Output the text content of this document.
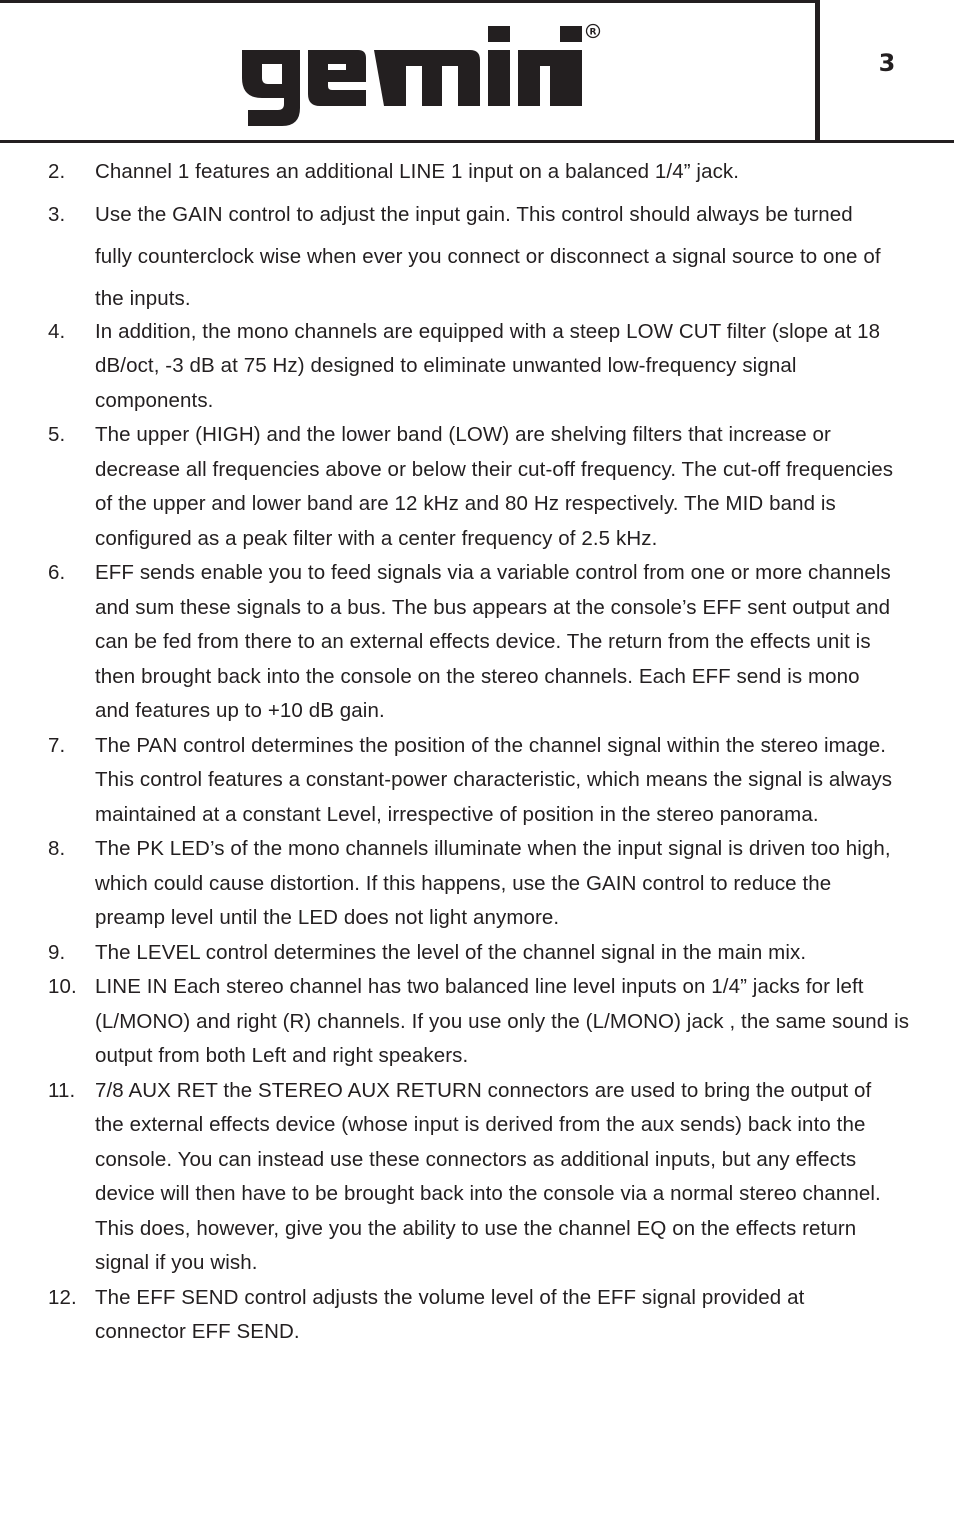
R
3
2.	Channel 1 features an additional LINE 1 input on a balanced 1/4” jack.
3.	Use the GAIN control to adjust the input gain. This control should always be turned fully counterclock wise when ever you connect or disconnect a signal source to one of the inputs.
4.	In addition, the mono channels are equipped with a steep LOW CUT filter (slope at 18 dB/oct, -3 dB at 75 Hz) designed to eliminate unwanted low-frequency signal components.
5.	The upper (HIGH) and the lower band (LOW) are shelving filters that increase or decrease all frequencies above or below their cut-off frequency. The cut-off frequencies of the upper and lower band are 12 kHz and 80 Hz respectively. The MID band is configured as a peak filter with a center frequency of 2.5 kHz.
6.	EFF sends enable you to feed signals via a variable control from one or more channels and sum these signals to a bus. The bus appears at the console’s EFF sent output and can be fed from there to an external effects device. The return from the effects unit is then brought back into the console on the stereo channels. Each EFF send is mono and features up to +10 dB gain.
7.	The PAN control determines the position of the channel signal within the stereo image. This control features a constant-power characteristic, which means the signal is always maintained at a constant Level, irrespective of position in the stereo panorama.
8.	The PK LED’s of the mono channels illuminate when the input signal is driven too high, which could cause distortion. If this happens, use the GAIN control to reduce the preamp level until the LED does not light anymore.
9.	The LEVEL control determines the level of the channel signal in the main mix.
10. LINE IN Each stereo channel has two balanced line level inputs on 1/4” jacks for left (L/MONO) and right (R) channels. If you use only the (L/MONO) jack , the same sound is output from both Left and right speakers.
11. 7/8 AUX RET the STEREO AUX RETURN connectors are used to bring the output of the external effects device (whose input is derived from the aux sends) back into the console. You can instead use these connectors as additional inputs, but any effects device will then have to be brought back into the console via a normal stereo channel. This does, however, give you the ability to use the channel EQ on the effects return signal if you wish.
12. The EFF SEND control adjusts the volume level of the EFF signal provided at connector EFF SEND.
